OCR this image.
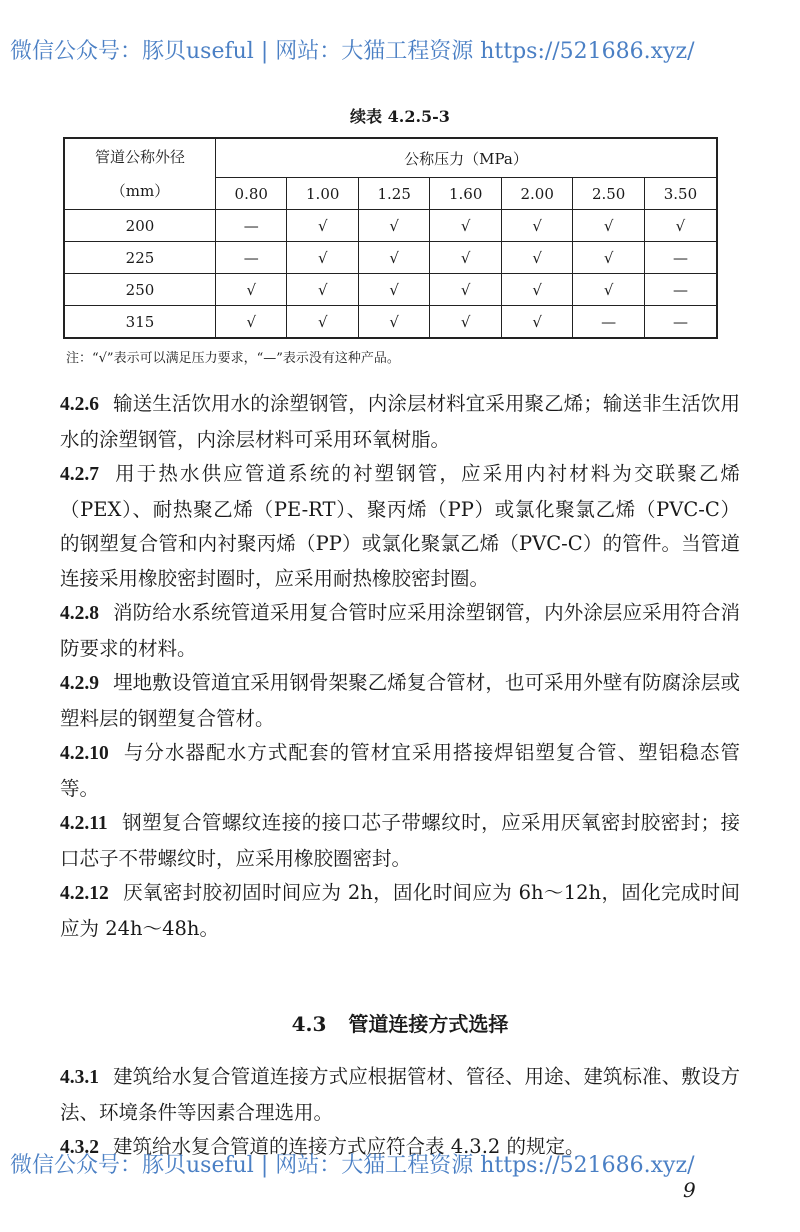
微信公众号：豚贝useful | 网站：大猫工程资源 https://521686.xyz/
续表 4.2.5-3
管道公称外径
（mm）	公称压力（MPa）						
	0.80	1.00	1.25	1.60	2.00	2.50	3.50
200	—	√	√	√	√	√	√
225	—	√	√	√	√	√	—
250	√	√	√	√	√	√	—
315	√	√	√	√	√	—	—
注：“√”表示可以满足压力要求，“—”表示没有这种产品。

4.2.6 输送生活饮用水的涂塑钢管，内涂层材料宜采用聚乙烯；输送非生活饮用水的涂塑钢管，内涂层材料可采用环氧树脂。

4.2.7 用于热水供应管道系统的衬塑钢管，应采用内衬材料为交联聚乙烯（PEX）、耐热聚乙烯（PE-RT）、聚丙烯（PP）或氯化聚氯乙烯（PVC-C）的钢塑复合管和内衬聚丙烯（PP）或氯化聚氯乙烯（PVC-C）的管件。当管道连接采用橡胶密封圈时，应采用耐热橡胶密封圈。

4.2.8 消防给水系统管道采用复合管时应采用涂塑钢管，内外涂层应采用符合消防要求的材料。

4.2.9 埋地敷设管道宜采用钢骨架聚乙烯复合管材，也可采用外壁有防腐涂层或塑料层的钢塑复合管材。

4.2.10 与分水器配水方式配套的管材宜采用搭接焊铝塑复合管、塑铝稳态管等。

4.2.11 钢塑复合管螺纹连接的接口芯子带螺纹时，应采用厌氧密封胶密封；接口芯子不带螺纹时，应采用橡胶圈密封。

4.2.12 厌氧密封胶初固时间应为 2h，固化时间应为 6h～12h，固化完成时间应为 24h～48h。

4.3 管道连接方式选择

4.3.1 建筑给水复合管道连接方式应根据管材、管径、用途、建筑标准、敷设方法、环境条件等因素合理选用。

4.3.2 建筑给水复合管道的连接方式应符合表 4.3.2 的规定。

微信公众号：豚贝useful | 网站：大猫工程资源 https://521686.xyz/
9
